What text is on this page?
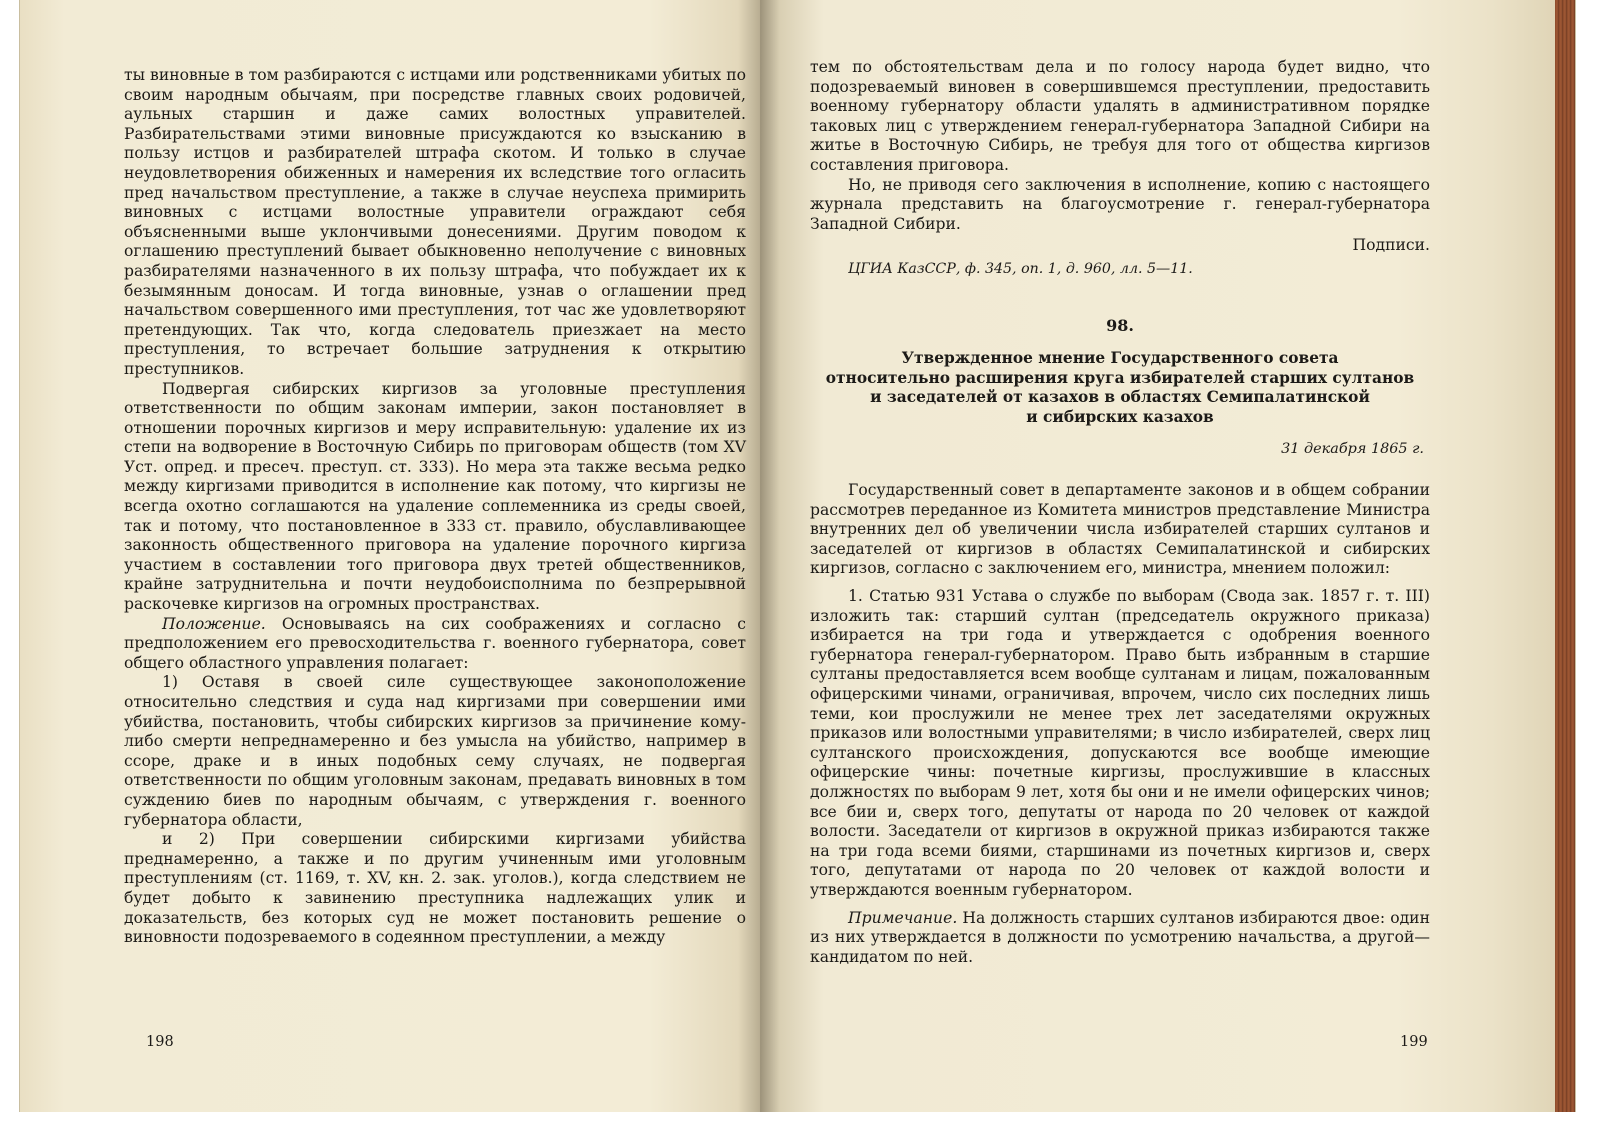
ты виновные в том разбираются с истцами или родственниками убитых по своим народным обычаям, при посредстве главных своих родовичей, аульных старшин и даже самих волостных управителей. Разбирательствами этими виновные присуждаются ко взысканию в пользу истцов и разбирателей штрафа скотом. И только в случае неудовлетворения обиженных и намерения их вследствие того огласить пред начальством преступление, а также в случае неуспеха примирить виновных с истцами волостные управители ограждают себя объясненными выше уклончивыми донесениями. Другим поводом к оглашению преступлений бывает обыкновенно неполучение с виновных разбирателями назначенного в их пользу штрафа, что побуждает их к безымянным доносам. И тогда виновные, узнав о оглашении пред начальством совершенного ими преступления, тот час же удовлетворяют претендующих. Так что, когда следователь приезжает на место преступления, то встречает большие затруднения к открытию преступников.

Подвергая сибирских киргизов за уголовные преступления ответственности по общим законам империи, закон постановляет в отношении порочных киргизов и меру исправительную: удаление их из степи на водворение в Восточную Сибирь по приговорам обществ (том XV Уст. опред. и пресеч. преступ. ст. 333). Но мера эта также весьма редко между киргизами приводится в исполнение как потому, что киргизы не всегда охотно соглашаются на удаление соплеменника из среды своей, так и потому, что постановленное в 333 ст. правило, обуславливающее законность общественного приговора на удаление порочного киргиза участием в составлении того приговора двух третей общественников, крайне затруднительна и почти неудобоисполнима по безпрерывной раскочевке киргизов на огромных пространствах.

Положение. Основываясь на сих соображениях и согласно с предположением его превосходительства г. военного губернатора, совет общего областного управления полагает:

1) Оставя в своей силе существующее законоположение относительно следствия и суда над киргизами при совершении ими убийства, постановить, чтобы сибирских киргизов за причинение кому-либо смерти непреднамеренно и без умысла на убийство, например в ссоре, драке и в иных подобных сему случаях, не подвергая ответственности по общим уголовным законам, предавать виновных в том суждению биев по народным обычаям, с утверждения г. военного губернатора области,

и 2) При совершении сибирскими киргизами убийства преднамеренно, а также и по другим учиненным ими уголовным преступлениям (ст. 1169, т. XV, кн. 2. зак. уголов.), когда следствием не будет добыто к завинению преступника надлежащих улик и доказательств, без которых суд не может постановить решение о виновности подозреваемого в содеянном преступлении, а между

198

тем по обстоятельствам дела и по голосу народа будет видно, что подозреваемый виновен в совершившемся преступлении, предоставить военному губернатору области удалять в административном порядке таковых лиц с утверждением генерал-губернатора Западной Сибири на житье в Восточную Сибирь, не требуя для того от общества киргизов составления приговора.

Но, не приводя сего заключения в исполнение, копию с настоящего журнала представить на благоусмотрение г. генерал-губернатора Западной Сибири.

Подписи.

ЦГИА КазССР, ф. 345, оп. 1, д. 960, лл. 5—11.

98.
Утвержденное мнение Государственного совета
относительно расширения круга избирателей старших султанов
и заседателей от казахов в областях Семипалатинской
и сибирских казахов
31 декабря 1865 г.

Государственный совет в департаменте законов и в общем собрании рассмотрев переданное из Комитета министров представление Министра внутренних дел об увеличении числа избирателей старших султанов и заседателей от киргизов в областях Семипалатинской и сибирских киргизов, согласно с заключением его, министра, мнением положил:

1. Статью 931 Устава о службе по выборам (Свода зак. 1857 г. т. III) изложить так: старший султан (председатель окружного приказа) избирается на три года и утверждается с одобрения военного губернатора генерал-губернатором. Право быть избранным в старшие султаны предоставляется всем вообще султанам и лицам, пожалованным офицерскими чинами, ограничивая, впрочем, число сих последних лишь теми, кои прослужили не менее трех лет заседателями окружных приказов или волостными управителями; в число избирателей, сверх лиц султанского происхождения, допускаются все вообще имеющие офицерские чины: почетные киргизы, прослужившие в классных должностях по выборам 9 лет, хотя бы они и не имели офицерских чинов; все бии и, сверх того, депутаты от народа по 20 человек от каждой волости. Заседатели от киргизов в окружной приказ избираются также на три года всеми биями, старшинами из почетных киргизов и, сверх того, депутатами от народа по 20 человек от каждой волости и утверждаются военным губернатором.

Примечание. На должность старших султанов избираются двое: один из них утверждается в должности по усмотрению начальства, а другой—кандидатом по ней.

199
